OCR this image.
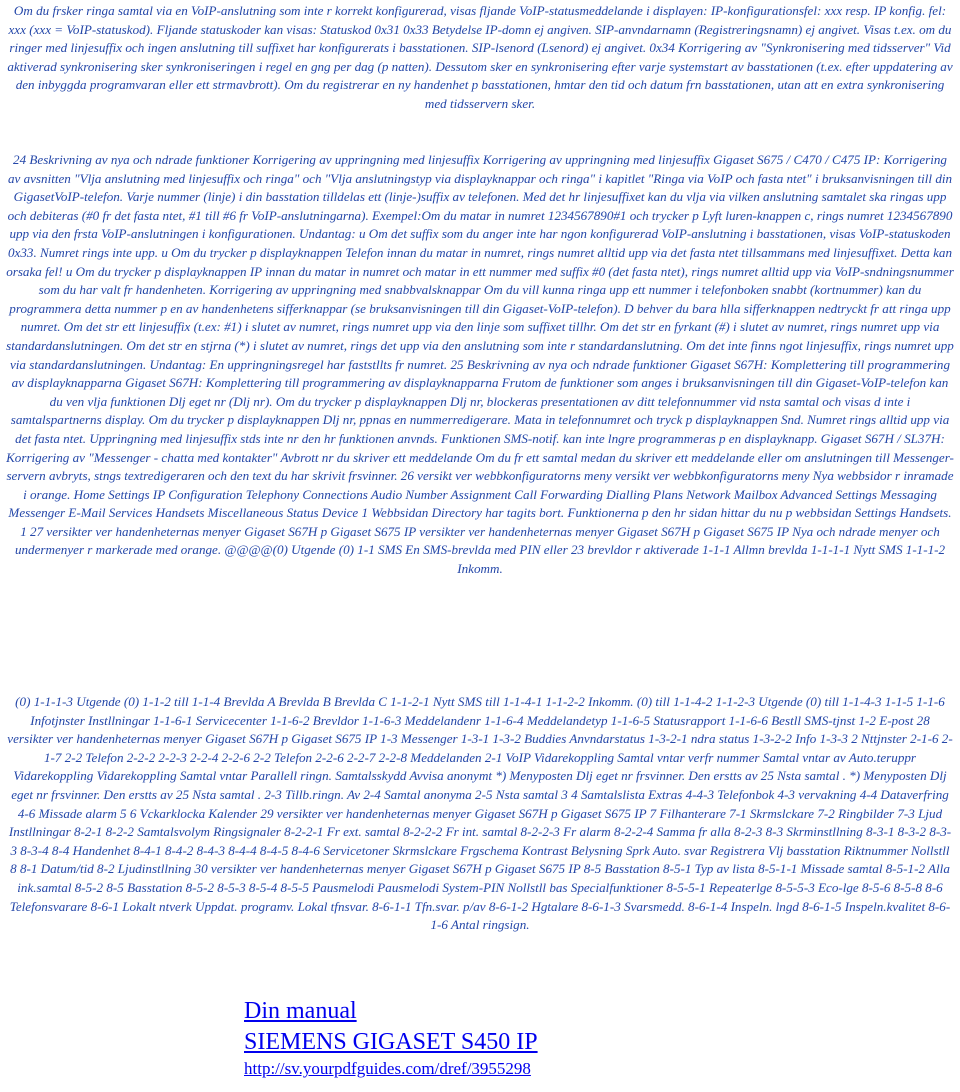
Om du frsker ringa samtal via en VoIP-anslutning som inte r korrekt konfigurerad, visas fljande VoIP-statusmeddelande i displayen: IP-konfigurationsfel: xxx resp. IP konfig. fel: xxx (xxx = VoIP-statuskod). Fljande statuskoder kan visas: Statuskod 0x31 0x33 Betydelse IP-domn ej angiven. SIP-anvndarnamn (Registreringsnamn) ej angivet. Visas t.ex. om du ringer med linjesuffix och ingen anslutning till suffixet har konfigurerats i basstationen. SIP-lsenord (Lsenord) ej angivet. 0x34 Korrigering av "Synkronisering med tidsserver" Vid aktiverad synkronisering sker synkroniseringen i regel en gng per dag (p natten). Dessutom sker en synkronisering efter varje systemstart av basstationen (t.ex. efter uppdatering av den inbyggda programvaran eller ett strmavbrott). Om du registrerar en ny handenhet p basstationen, hmtar den tid och datum frn basstationen, utan att en extra synkronisering med tidsservern sker.

24 Beskrivning av nya och ndrade funktioner Korrigering av uppringning med linjesuffix Korrigering av uppringning med linjesuffix Gigaset S675 / C470 / C475 IP: Korrigering av avsnitten "Vlja anslutning med linjesuffix och ringa" och "Vlja anslutningstyp via displayknappar och ringa" i kapitlet "Ringa via VoIP och fasta ntet" i bruksanvisningen till din GigasetVoIP-telefon. Varje nummer (linje) i din basstation tilldelas ett (linje-)suffix av telefonen. Med det hr linjesuffixet kan du vlja via vilken anslutning samtalet ska ringas upp och debiteras (#0 fr det fasta ntet, #1 till #6 fr VoIP-anslutningarna). Exempel:Om du matar in numret 1234567890#1 och trycker p Lyft luren-knappen c, rings numret 1234567890 upp via den frsta VoIP-anslutningen i konfigurationen. Undantag: u Om det suffix som du anger inte har ngon konfigurerad VoIP-anslutning i basstationen, visas VoIP-statuskoden 0x33. Numret rings inte upp. u Om du trycker p displayknappen Telefon innan du matar in numret, rings numret alltid upp via det fasta ntet tillsammans med linjesuffixet. Detta kan orsaka fel! u Om du trycker p displayknappen IP innan du matar in numret och matar in ett nummer med suffix #0 (det fasta ntet), rings numret alltid upp via VoIP-sndningsnummer som du har valt fr handenheten. Korrigering av uppringning med snabbvalsknappar Om du vill kunna ringa upp ett nummer i telefonboken snabbt (kortnummer) kan du programmera detta nummer p en av handenhetens sifferknappar (se bruksanvisningen till din Gigaset-VoIP-telefon). D behver du bara hlla sifferknappen nedtryckt fr att ringa upp numret. Om det str ett linjesuffix (t.ex: #1) i slutet av numret, rings numret upp via den linje som suffixet tillhr. Om det str en fyrkant (#) i slutet av numret, rings numret upp via standardanslutningen. Om det str en stjrna (*) i slutet av numret, rings det upp via den anslutning som inte r standardanslutning. Om det inte finns ngot linjesuffix, rings numret upp via standardanslutningen. Undantag: En uppringningsregel har faststllts fr numret. 25 Beskrivning av nya och ndrade funktioner Gigaset S67H: Komplettering till programmering av displayknapparna Gigaset S67H: Komplettering till programmering av displayknapparna Frutom de funktioner som anges i bruksanvisningen till din Gigaset-VoIP-telefon kan du ven vlja funktionen Dlj eget nr (Dlj nr). Om du trycker p displayknappen Dlj nr, blockeras presentationen av ditt telefonnummer vid nsta samtal och visas d inte i samtalspartnerns display. Om du trycker p displayknappen Dlj nr, ppnas en nummerredigerare. Mata in telefonnumret och tryck p displayknappen Snd. Numret rings alltid upp via det fasta ntet. Uppringning med linjesuffix stds inte nr den hr funktionen anvnds. Funktionen SMS-notif. kan inte lngre programmeras p en displayknapp. Gigaset S67H / SL37H: Korrigering av "Messenger - chatta med kontakter" Avbrott nr du skriver ett meddelande Om du fr ett samtal medan du skriver ett meddelande eller om anslutningen till Messenger-servern avbryts, stngs textredigeraren och den text du har skrivit frsvinner. 26 versikt ver webbkonfiguratorns meny versikt ver webbkonfiguratorns meny Nya webbsidor r inramade i orange. Home Settings IP Configuration Telephony Connections Audio Number Assignment Call Forwarding Dialling Plans Network Mailbox Advanced Settings Messaging Messenger E-Mail Services Handsets Miscellaneous Status Device 1 Webbsidan Directory har tagits bort. Funktionerna p den hr sidan hittar du nu p webbsidan Settings Handsets. 1 27 versikter ver handenheternas menyer Gigaset S67H p Gigaset S675 IP versikter ver handenheternas menyer Gigaset S67H p Gigaset S675 IP Nya och ndrade menyer och undermenyer r markerade med orange. @@@@(0) Utgende (0) 1-1 SMS En SMS-brevlda med PIN eller 23 brevldor r aktiverade 1-1-1 Allmn brevlda 1-1-1-1 Nytt SMS 1-1-1-2 Inkomm.

(0) 1-1-1-3 Utgende (0) 1-1-2 till 1-1-4 Brevlda A Brevlda B Brevlda C 1-1-2-1 Nytt SMS till 1-1-4-1 1-1-2-2 Inkomm. (0) till 1-1-4-2 1-1-2-3 Utgende (0) till 1-1-4-3 1-1-5 1-1-6 Infotjnster Instllningar 1-1-6-1 Servicecenter 1-1-6-2 Brevldor 1-1-6-3 Meddelandenr 1-1-6-4 Meddelandetyp 1-1-6-5 Statusrapport 1-1-6-6 Bestll SMS-tjnst 1-2 E-post 28 versikter ver handenheternas menyer Gigaset S67H p Gigaset S675 IP 1-3 Messenger 1-3-1 1-3-2 Buddies Anvndarstatus 1-3-2-1 ndra status 1-3-2-2 Info 1-3-3 2 Nttjnster 2-1-6 2-1-7 2-2 Telefon 2-2-2 2-2-3 2-2-4 2-2-6 2-2 Telefon 2-2-6 2-2-7 2-2-8 Meddelanden 2-1 VoIP Vidarekoppling Samtal vntar verfr nummer Samtal vntar av Auto.teruppr Vidarekoppling Vidarekoppling Samtal vntar Parallell ringn. Samtalsskydd Avvisa anonymt *) Menyposten Dlj eget nr frsvinner. Den erstts av 25 Nsta samtal . *) Menyposten Dlj eget nr frsvinner. Den erstts av 25 Nsta samtal . 2-3 Tillb.ringn. Av 2-4 Samtal anonyma 2-5 Nsta samtal 3 4 Samtalslista Extras 4-4-3 Telefonbok 4-3 vervakning 4-4 Dataverfring 4-6 Missade alarm 5 6 Vckarklocka Kalender 29 versikter ver handenheternas menyer Gigaset S67H p Gigaset S675 IP 7 Filhanterare 7-1 Skrmslckare 7-2 Ringbilder 7-3 Ljud Instllningar 8-2-1 8-2-2 Samtalsvolym Ringsignaler 8-2-2-1 Fr ext. samtal 8-2-2-2 Fr int. samtal 8-2-2-3 Fr alarm 8-2-2-4 Samma fr alla 8-2-3 8-3 Skrminstllning 8-3-1 8-3-2 8-3-3 8-3-4 8-4 Handenhet 8-4-1 8-4-2 8-4-3 8-4-4 8-4-5 8-4-6 Servicetoner Skrmslckare Frgschema Kontrast Belysning Sprk Auto. svar Registrera Vlj basstation Riktnummer Nollstll 8 8-1 Datum/tid 8-2 Ljudinstllning 30 versikter ver handenheternas menyer Gigaset S67H p Gigaset S675 IP 8-5 Basstation 8-5-1 Typ av lista 8-5-1-1 Missade samtal 8-5-1-2 Alla ink.samtal 8-5-2 8-5 Basstation 8-5-2 8-5-3 8-5-4 8-5-5 Pausmelodi Pausmelodi System-PIN Nollstll bas Specialfunktioner 8-5-5-1 Repeaterlge 8-5-5-3 Eco-lge 8-5-6 8-5-8 8-6 Telefonsvarare 8-6-1 Lokalt ntverk Uppdat. programv. Lokal tfnsvar. 8-6-1-1 Tfn.svar. p/av 8-6-1-2 Hgtalare 8-6-1-3 Svarsmedd. 8-6-1-4 Inspeln. lngd 8-6-1-5 Inspeln.kvalitet 8-6-1-6 Antal ringsign.

Din manual
SIEMENS GIGASET S450 IP
http://sv.yourpdfguides.com/dref/3955298
